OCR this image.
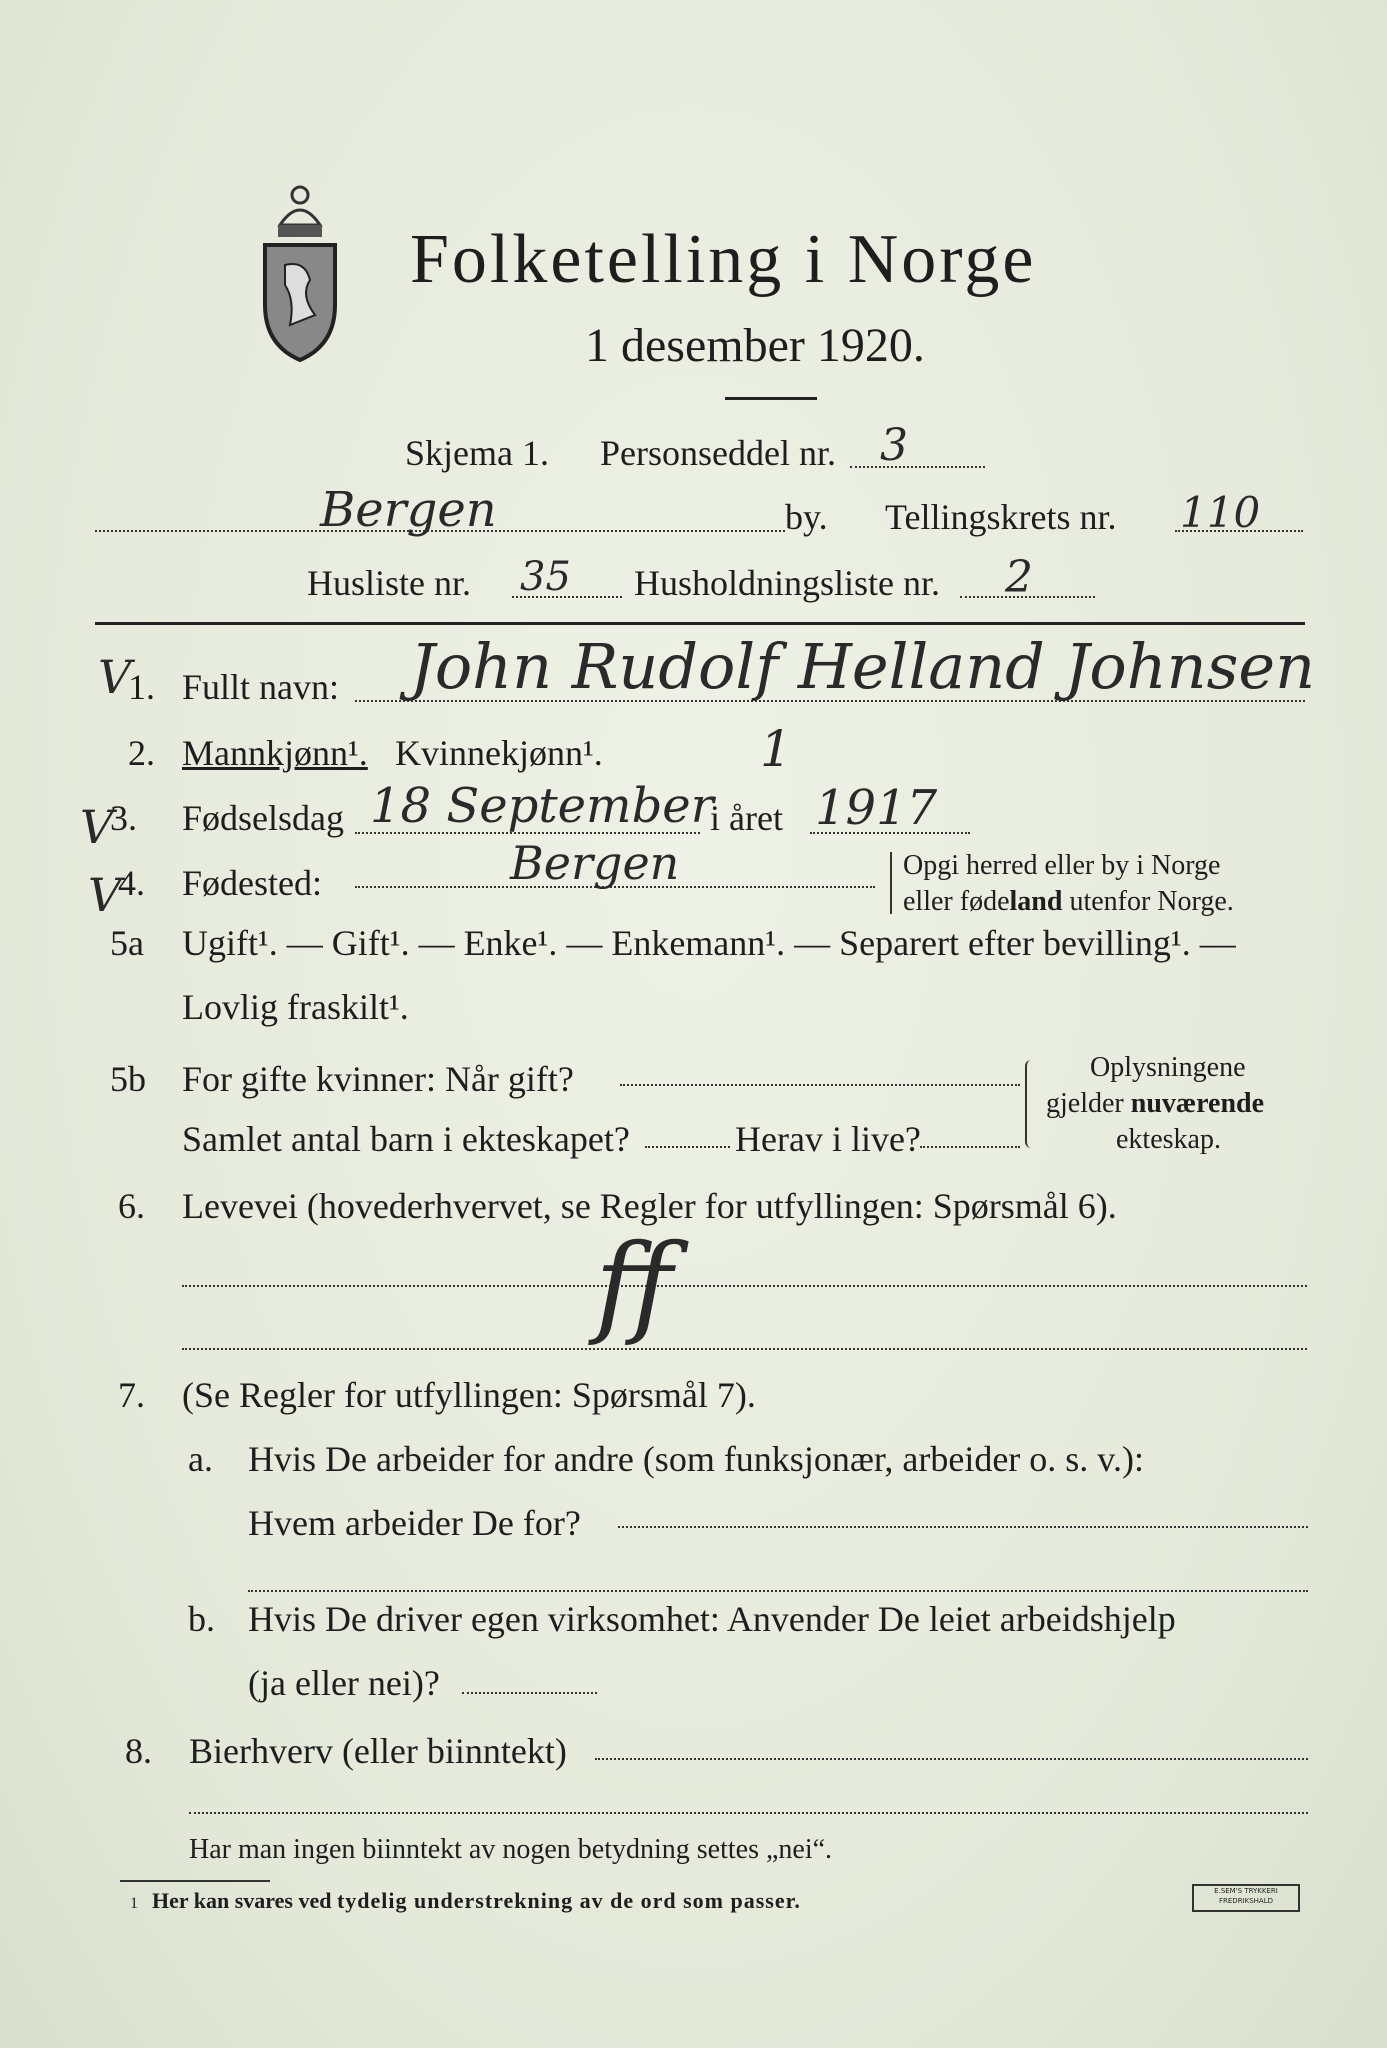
Folketelling i Norge
1 desember 1920.
Skjema 1. Personseddel nr. 3
Bergen	by. Tellingskrets nr. 110
Husliste nr. 35 Husholdningsliste nr. 2
V
1. Fullt navn: John Rudolf Helland Johnsen
2. Mannkjønn¹. Kvinnekjønn¹.	1
V
3. Fødselsdag 18 September
i året 1917
V
4. Fødested:	Bergen	Opgi herred eller by i Norge
eller fødeland utenfor Norge.
5a Ugift¹. — Gift¹. — Enke¹. — Enkemann¹. — Separert efter bevilling¹. —
Lovlig fraskilt¹.
5b For gifte kvinner: Når gift?
Samlet antal barn i ekteskapet?	Herav i live?
Oplysningene
gjelder nuværende
ekteskap.
6. Levevei (hovederhvervet, se Regler for utfyllingen: Spørsmål 6).
ff
7. (Se Regler for utfyllingen: Spørsmål 7).
a. Hvis De arbeider for andre (som funksjonær, arbeider o. s. v.):
Hvem arbeider De for?
b. Hvis De driver egen virksomhet: Anvender De leiet arbeidshjelp
(ja eller nei)?
8. Bierhverv (eller biinntekt)
Har man ingen biinntekt av nogen betydning settes „nei“.
1 Her kan svares ved tydelig understrekning av de ord som passer.	E.SEM'S TRYKKERI FREDRIKSHALD
